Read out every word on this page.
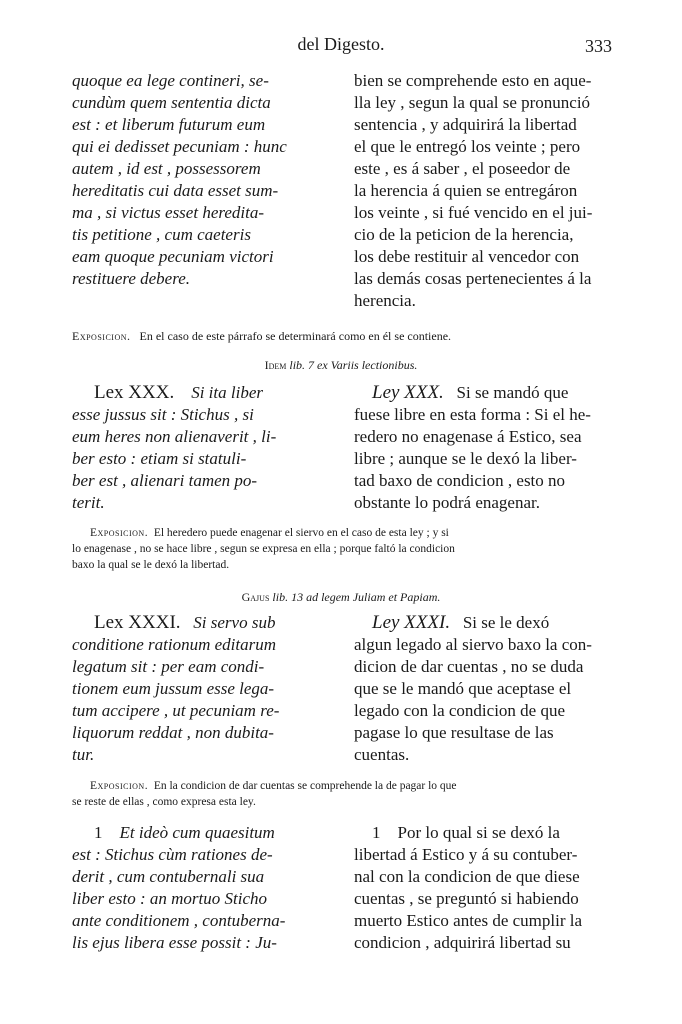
del Digesto.	333
quoque ea lege contineri, se-
cundùm quem sententia dicta
est : et liberum futurum eum
qui ei dedisset pecuniam : hunc
autem , id est , possessorem
hereditatis cui data esset sum-
ma , si victus esset heredita-
tis petitione , cum caeteris
eam quoque pecuniam victori
restituere debere.
bien se comprehende esto en aque-
lla ley , segun la qual se pronunció
sentencia , y adquirirá la libertad
el que le entregó los veinte ; pero
este , es á saber , el poseedor de
la herencia á quien se entregáron
los veinte , si fué vencido en el jui-
cio de la peticion de la herencia,
los debe restituir al vencedor con
las demás cosas pertenecientes á la
herencia.
Exposicion. En el caso de este párrafo se determinará como en él se contiene.
Idem lib. 7 ex Variis lectionibus.
Lex XXX. Si ita liber
esse jussus sit : Stichus , si
eum heres non alienaverit , li-
ber esto : etiam si statuli-
ber est , alienari tamen po-
terit.
Ley XXX. Si se mandó que
fuese libre en esta forma : Si el he-
redero no enagenase á Estico, sea
libre ; aunque se le dexó la liber-
tad baxo de condicion , esto no
obstante lo podrá enagenar.
Exposicion. El heredero puede enagenar el siervo en el caso de esta ley ; y si
lo enagenase , no se hace libre , segun se expresa en ella ; porque faltó la condicion
baxo la qual se le dexó la libertad.
Gajus lib. 13 ad legem Juliam et Papiam.
Lex XXXI. Si servo sub
conditione rationum editarum
legatum sit : per eam condi-
tionem eum jussum esse lega-
tum accipere , ut pecuniam re-
liquorum reddat , non dubita-
tur.
Ley XXXI. Si se le dexó
algun legado al siervo baxo la con-
dicion de dar cuentas , no se duda
que se le mandó que aceptase el
legado con la condicion de que
pagase lo que resultase de las
cuentas.
Exposicion. En la condicion de dar cuentas se comprehende la de pagar lo que
se reste de ellas , como expresa esta ley.
1 Et ideò cum quaesitum
est : Stichus cùm rationes de-
derit , cum contubernali sua
liber esto : an mortuo Sticho
ante conditionem , contuberna-
lis ejus libera esse possit : Ju-
1 Por lo qual si se dexó la
libertad á Estico y á su contuber-
nal con la condicion de que diese
cuentas , se preguntó si habiendo
muerto Estico antes de cumplir la
condicion , adquirirá libertad su
